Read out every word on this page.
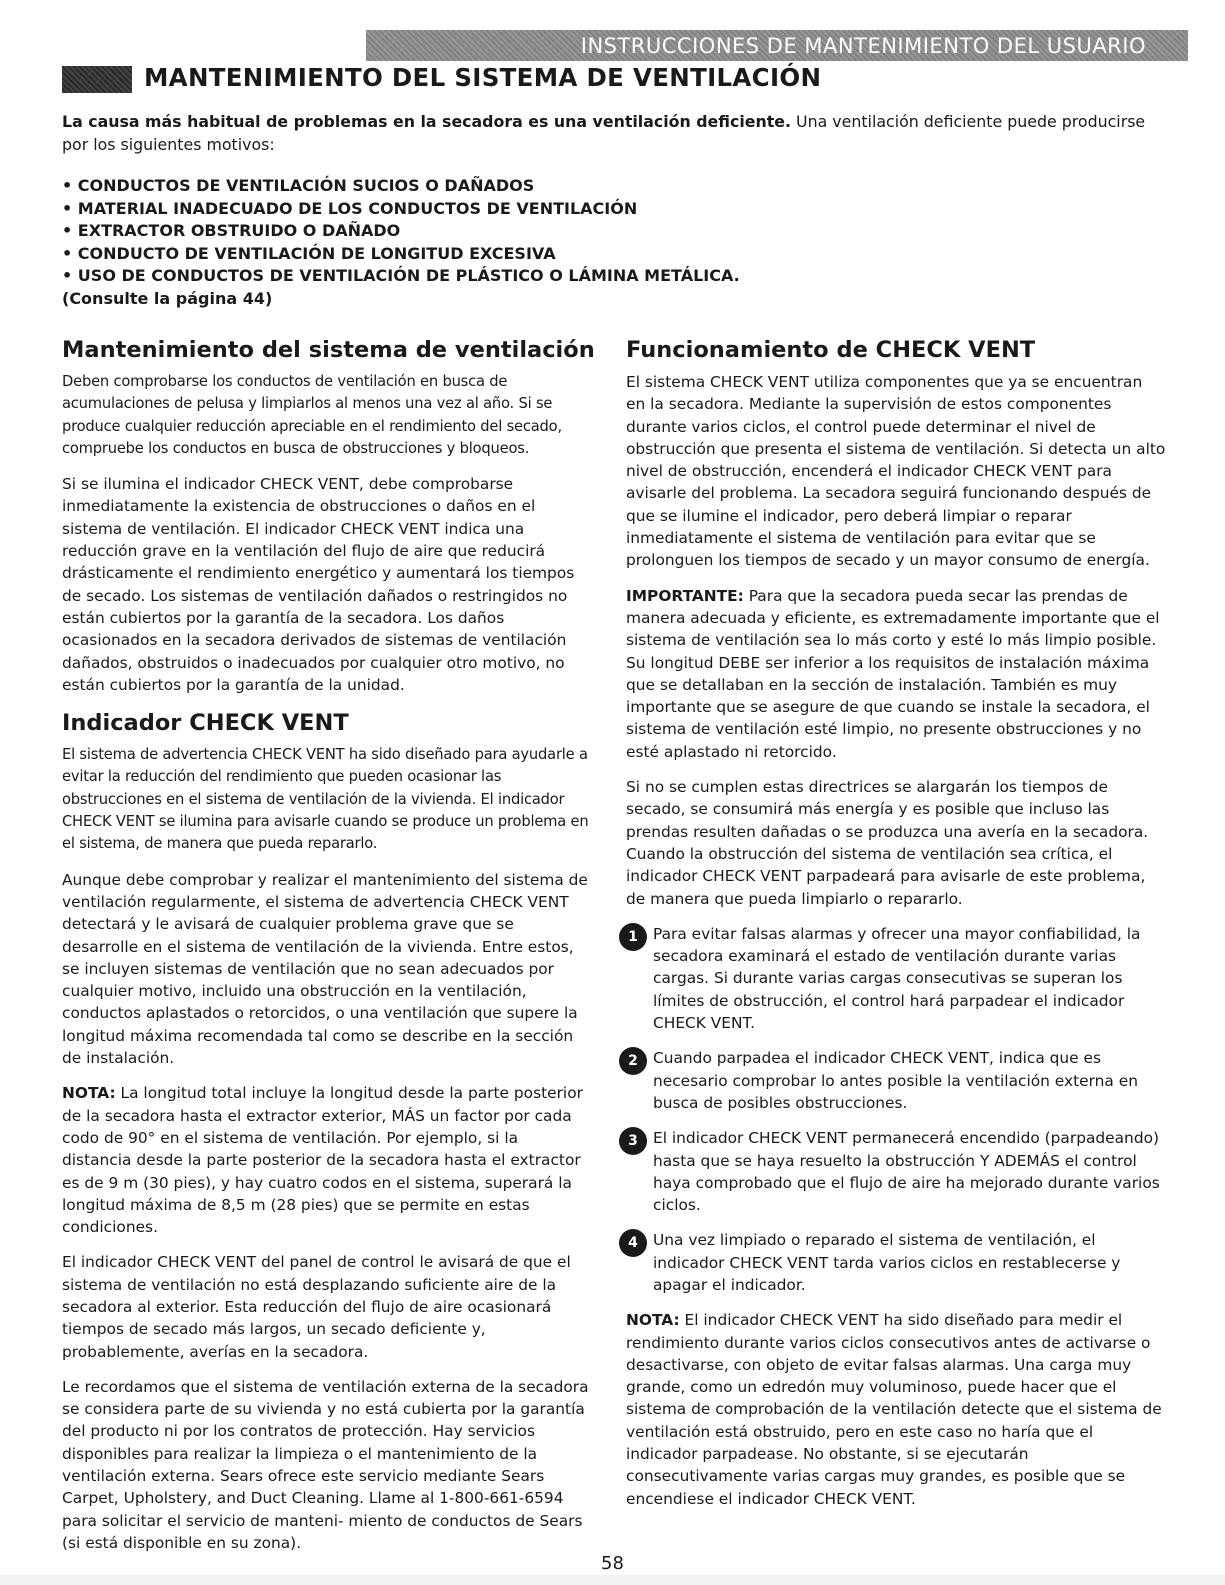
INSTRUCCIONES DE MANTENIMIENTO DEL USUARIO
MANTENIMIENTO DEL SISTEMA DE VENTILACIÓN

La causa más habitual de problemas en la secadora es una ventilación deficiente. Una ventilación deficiente puede producirse por los siguientes motivos:

• CONDUCTOS DE VENTILACIÓN SUCIOS O DAÑADOS
• MATERIAL INADECUADO DE LOS CONDUCTOS DE VENTILACIÓN
• EXTRACTOR OBSTRUIDO O DAÑADO
• CONDUCTO DE VENTILACIÓN DE LONGITUD EXCESIVA
• USO DE CONDUCTOS DE VENTILACIÓN DE PLÁSTICO O LÁMINA METÁLICA.
(Consulte la página 44)
Mantenimiento del sistema de ventilación

Deben comprobarse los conductos de ventilación en busca de acumulaciones de pelusa y limpiarlos al menos una vez al año. Si se produce cualquier reducción apreciable en el rendimiento del secado, compruebe los conductos en busca de obstrucciones y bloqueos.

Si se ilumina el indicador CHECK VENT, debe comprobarse inmediatamente la existencia de obstrucciones o daños en el sistema de ventilación. El indicador CHECK VENT indica una reducción grave en la ventilación del flujo de aire que reducirá drásticamente el rendimiento energético y aumentará los tiempos de secado. Los sistemas de ventilación dañados o restringidos no están cubiertos por la garantía de la secadora. Los daños ocasionados en la secadora derivados de sistemas de ventilación dañados, obstruidos o inadecuados por cualquier otro motivo, no están cubiertos por la garantía de la unidad.

Indicador CHECK VENT

El sistema de advertencia CHECK VENT ha sido diseñado para ayudarle a evitar la reducción del rendimiento que pueden ocasionar las obstrucciones en el sistema de ventilación de la vivienda. El indicador CHECK VENT se ilumina para avisarle cuando se produce un problema en el sistema, de manera que pueda repararlo.

Aunque debe comprobar y realizar el mantenimiento del sistema de ventilación regularmente, el sistema de advertencia CHECK VENT detectará y le avisará de cualquier problema grave que se desarrolle en el sistema de ventilación de la vivienda. Entre estos, se incluyen sistemas de ventilación que no sean adecuados por cualquier motivo, incluido una obstrucción en la ventilación, conductos aplastados o retorcidos, o una ventilación que supere la longitud máxima recomendada tal como se describe en la sección de instalación.

NOTA: La longitud total incluye la longitud desde la parte posterior de la secadora hasta el extractor exterior, MÁS un factor por cada codo de 90° en el sistema de ventilación. Por ejemplo, si la distancia desde la parte posterior de la secadora hasta el extractor es de 9 m (30 pies), y hay cuatro codos en el sistema, superará la longitud máxima de 8,5 m (28 pies) que se permite en estas condiciones.

El indicador CHECK VENT del panel de control le avisará de que el sistema de ventilación no está desplazando suficiente aire de la secadora al exterior. Esta reducción del flujo de aire ocasionará tiempos de secado más largos, un secado deficiente y, probablemente, averías en la secadora.

Le recordamos que el sistema de ventilación externa de la secadora se considera parte de su vivienda y no está cubierta por la garantía del producto ni por los contratos de protección. Hay servicios disponibles para realizar la limpieza o el mantenimiento de la ventilación externa. Sears ofrece este servicio mediante Sears Carpet, Upholstery, and Duct Cleaning. Llame al 1-800-661-6594 para solicitar el servicio de manteni- miento de conductos de Sears (si está disponible en su zona).

Funcionamiento de CHECK VENT

El sistema CHECK VENT utiliza componentes que ya se encuentran en la secadora. Mediante la supervisión de estos componentes durante varios ciclos, el control puede determinar el nivel de obstrucción que presenta el sistema de ventilación. Si detecta un alto nivel de obstrucción, encenderá el indicador CHECK VENT para avisarle del problema. La secadora seguirá funcionando después de que se ilumine el indicador, pero deberá limpiar o reparar inmediatamente el sistema de ventilación para evitar que se prolonguen los tiempos de secado y un mayor consumo de energía.

IMPORTANTE: Para que la secadora pueda secar las prendas de manera adecuada y eficiente, es extremadamente importante que el sistema de ventilación sea lo más corto y esté lo más limpio posible. Su longitud DEBE ser inferior a los requisitos de instalación máxima que se detallaban en la sección de instalación. También es muy importante que se asegure de que cuando se instale la secadora, el sistema de ventilación esté limpio, no presente obstrucciones y no esté aplastado ni retorcido.

Si no se cumplen estas directrices se alargarán los tiempos de secado, se consumirá más energía y es posible que incluso las prendas resulten dañadas o se produzca una avería en la secadora. Cuando la obstrucción del sistema de ventilación sea crítica, el indicador CHECK VENT parpadeará para avisarle de este problema, de manera que pueda limpiarlo o repararlo.

1 Para evitar falsas alarmas y ofrecer una mayor confiabilidad, la secadora examinará el estado de ventilación durante varias cargas. Si durante varias cargas consecutivas se superan los límites de obstrucción, el control hará parpadear el indicador CHECK VENT.
2 Cuando parpadea el indicador CHECK VENT, indica que es necesario comprobar lo antes posible la ventilación externa en busca de posibles obstrucciones.
3 El indicador CHECK VENT permanecerá encendido (parpadeando) hasta que se haya resuelto la obstrucción Y ADEMÁS el control haya comprobado que el flujo de aire ha mejorado durante varios ciclos.
4 Una vez limpiado o reparado el sistema de ventilación, el indicador CHECK VENT tarda varios ciclos en restablecerse y apagar el indicador.

NOTA: El indicador CHECK VENT ha sido diseñado para medir el rendimiento durante varios ciclos consecutivos antes de activarse o desactivarse, con objeto de evitar falsas alarmas. Una carga muy grande, como un edredón muy voluminoso, puede hacer que el sistema de comprobación de la ventilación detecte que el sistema de ventilación está obstruido, pero en este caso no haría que el indicador parpadease. No obstante, si se ejecutarán consecutivamente varias cargas muy grandes, es posible que se encendiese el indicador CHECK VENT.

58
